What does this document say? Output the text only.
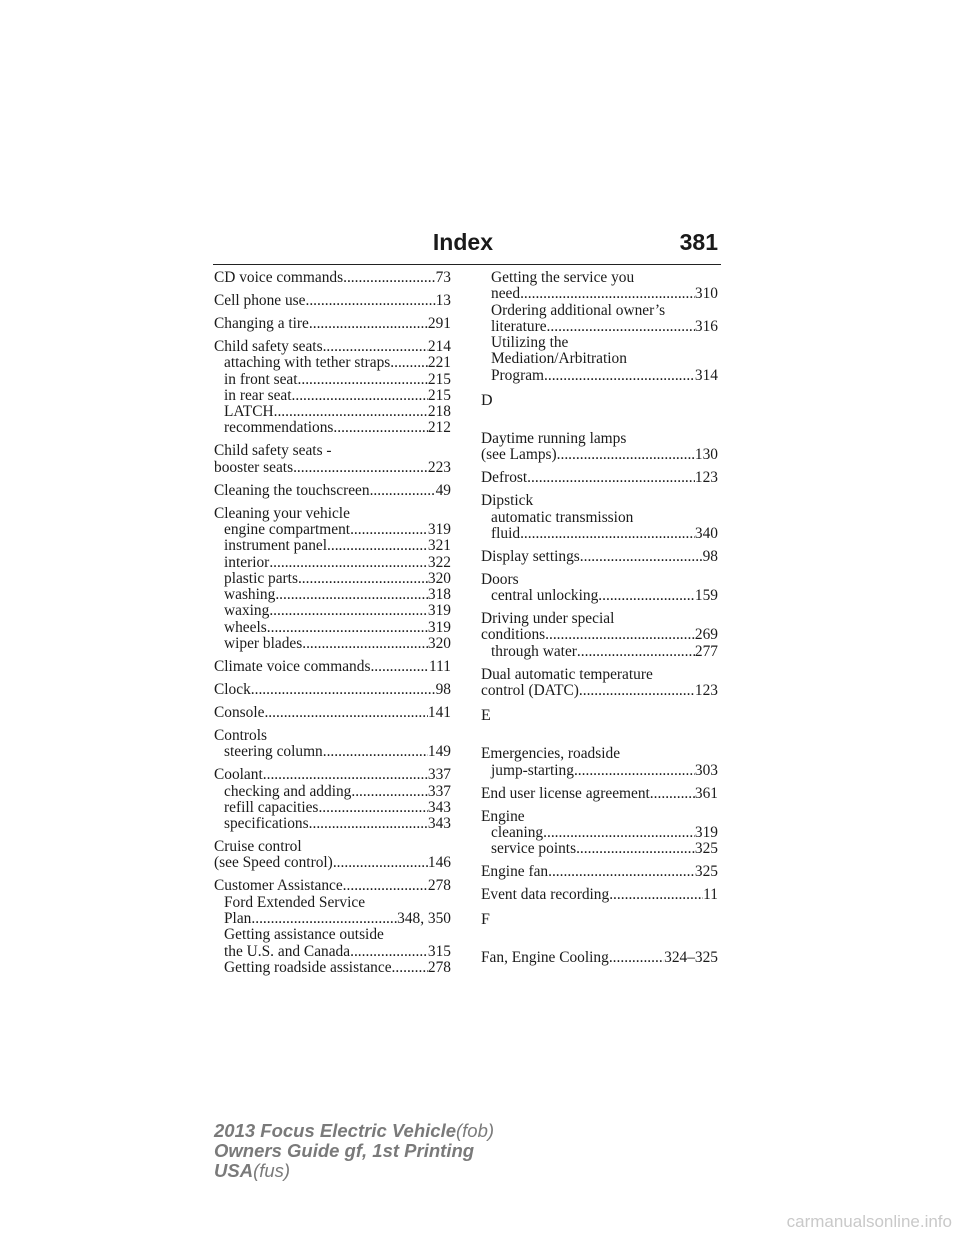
Index	381
CD voice commands .....	73
Cell phone use .....	13
Changing a tire .....	291
Child safety seats .....	214
attaching with tether straps ..... 221
in front seat .....	215
in rear seat .....	215
LATCH .....	218
recommendations .....	212
Child safety seats -
booster seats .....	223
Cleaning the touchscreen .....	49
Cleaning your vehicle
engine compartment .....	319
instrument panel .....	321
interior .....	322
plastic parts .....	320
washing .....	318
waxing .....	319
wheels .....	319
wiper blades .....	320
Climate voice commands .....	111
Clock .....	98
Console .....	141
Controls
steering column .....	149
Coolant .....	337
checking and adding .....	337
refill capacities .....	343
specifications .....	343
Cruise control
(see Speed control) .....	146
Customer Assistance .....	278
Ford Extended Service
Plan .....	348, 350
Getting assistance outside
the U.S. and Canada .....	315
Getting roadside assistance ..... 278
Getting the service you
need .....	310
Ordering additional owner’s
literature .....	316
Utilizing the
Mediation/Arbitration
Program .....	314
D
Daytime running lamps
(see Lamps) .....	130
Defrost .....	123
Dipstick
automatic transmission
fluid .....	340
Display settings .....	98
Doors
central unlocking .....	159
Driving under special
conditions .....	269
through water .....	277
Dual automatic temperature
control (DATC) .....	123
E
Emergencies, roadside
jump-starting .....	303
End user license agreement .....	361
Engine
cleaning .....	319
service points .....	325
Engine fan .....	325
Event data recording .....	11
F
Fan, Engine Cooling .....	324–325
2013 Focus Electric Vehicle(fob)
Owners Guide gf, 1st Printing
USA(fus)
carmanualsonline.info
